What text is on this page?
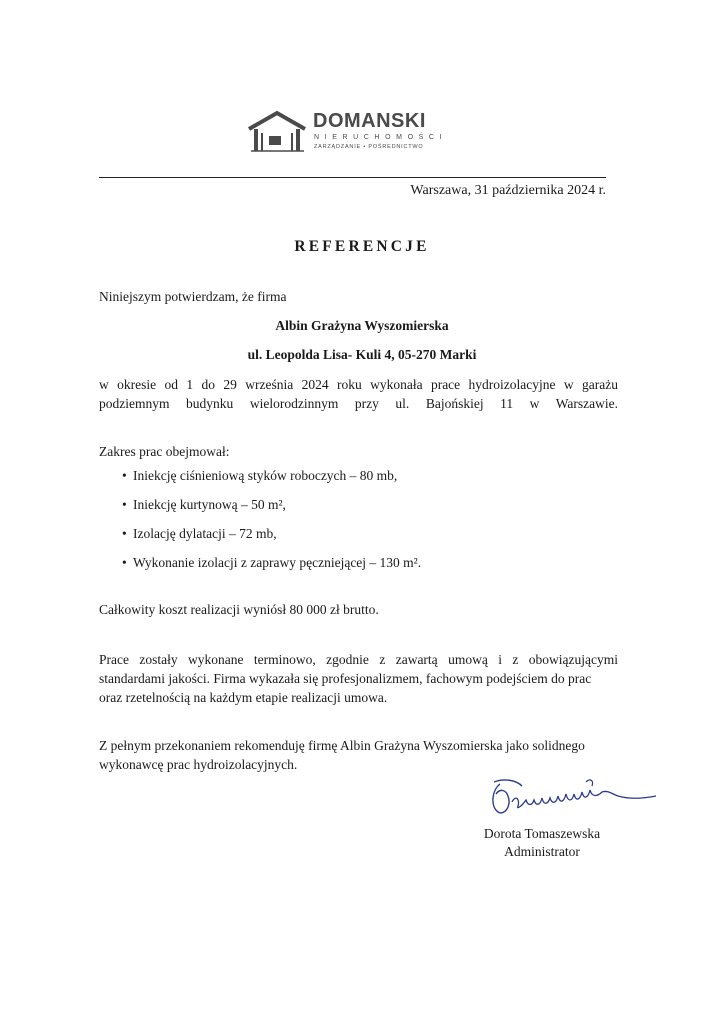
DOMANSKI
NIERUCHOMOŚCI
ZARZĄDZANIE • POŚREDNICTWO
Warszawa, 31 października 2024 r.
REFERENCJE
Niniejszym potwierdzam, że firma
Albin Grażyna Wyszomierska
ul. Leopolda Lisa- Kuli 4, 05-270 Marki
w okresie od 1 do 29 września 2024 roku wykonała prace hydroizolacyjne w garażu
podziemnym budynku wielorodzinnym przy ul. Bajońskiej 11 w Warszawie.
Zakres prac obejmował:
• Iniekcję ciśnieniową styków roboczych – 80 mb,
• Iniekcję kurtynową – 50 m²,
• Izolację dylatacji – 72 mb,
• Wykonanie izolacji z zaprawy pęczniejącej – 130 m².
Całkowity koszt realizacji wyniósł 80 000 zł brutto.
Prace zostały wykonane terminowo, zgodnie z zawartą umową i z obowiązującymi
standardami jakości. Firma wykazała się profesjonalizmem, fachowym podejściem do prac
oraz rzetelnością na każdym etapie realizacji umowa.
Z pełnym przekonaniem rekomenduję firmę Albin Grażyna Wyszomierska jako solidnego
wykonawcę prac hydroizolacyjnych.
Dorota Tomaszewska
Administrator
